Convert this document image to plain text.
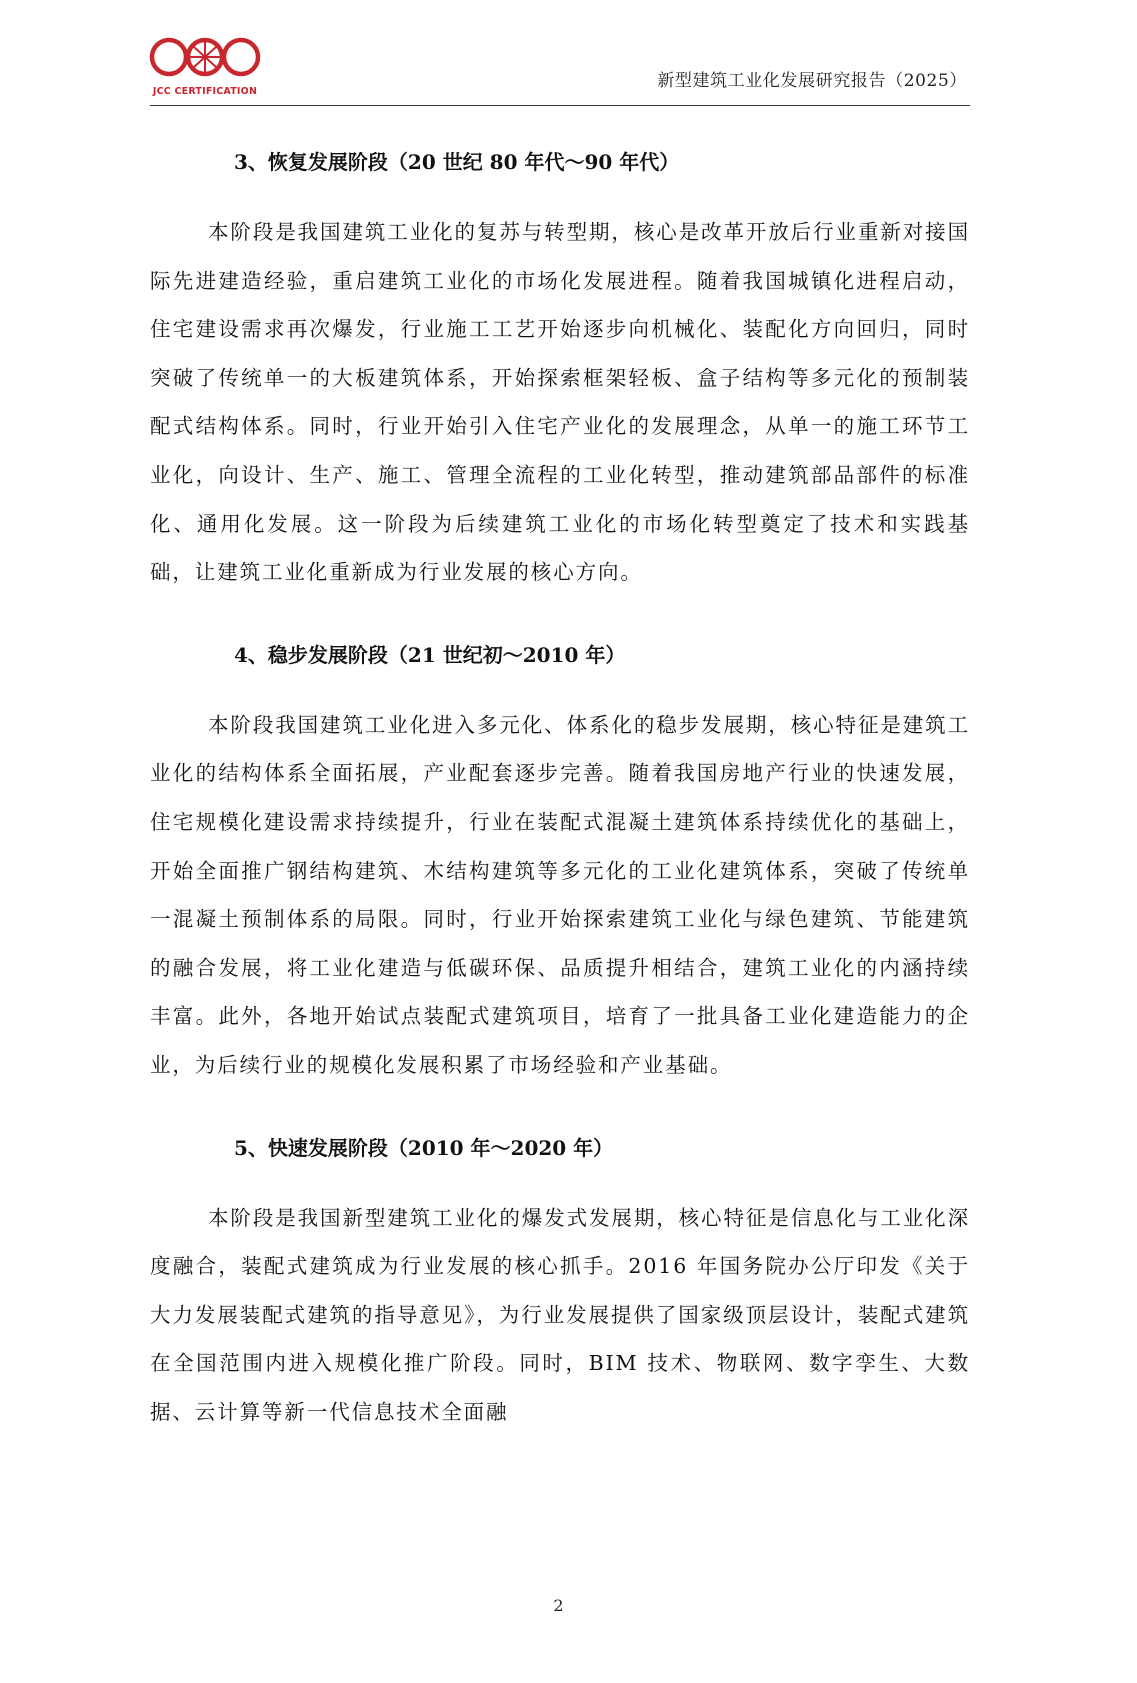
JCC CERTIFICATION
新型建筑工业化发展研究报告（2025）
3、恢复发展阶段（20 世纪 80 年代～90 年代）

本阶段是我国建筑工业化的复苏与转型期，核心是改革开放后行业重新对接国际先进建造经验，重启建筑工业化的市场化发展进程。随着我国城镇化进程启动，住宅建设需求再次爆发，行业施工工艺开始逐步向机械化、装配化方向回归，同时突破了传统单一的大板建筑体系，开始探索框架轻板、盒子结构等多元化的预制装配式结构体系。同时，行业开始引入住宅产业化的发展理念，从单一的施工环节工业化，向设计、生产、施工、管理全流程的工业化转型，推动建筑部品部件的标准化、通用化发展。这一阶段为后续建筑工业化的市场化转型奠定了技术和实践基础，让建筑工业化重新成为行业发展的核心方向。

4、稳步发展阶段（21 世纪初～2010 年）

本阶段我国建筑工业化进入多元化、体系化的稳步发展期，核心特征是建筑工业化的结构体系全面拓展，产业配套逐步完善。随着我国房地产行业的快速发展，住宅规模化建设需求持续提升，行业在装配式混凝土建筑体系持续优化的基础上，开始全面推广钢结构建筑、木结构建筑等多元化的工业化建筑体系，突破了传统单一混凝土预制体系的局限。同时，行业开始探索建筑工业化与绿色建筑、节能建筑的融合发展，将工业化建造与低碳环保、品质提升相结合，建筑工业化的内涵持续丰富。此外，各地开始试点装配式建筑项目，培育了一批具备工业化建造能力的企业，为后续行业的规模化发展积累了市场经验和产业基础。

5、快速发展阶段（2010 年～2020 年）

本阶段是我国新型建筑工业化的爆发式发展期，核心特征是信息化与工业化深度融合，装配式建筑成为行业发展的核心抓手。2016 年国务院办公厅印发《关于大力发展装配式建筑的指导意见》，为行业发展提供了国家级顶层设计，装配式建筑在全国范围内进入规模化推广阶段。同时，BIM 技术、物联网、数字孪生、大数据、云计算等新一代信息技术全面融

2
